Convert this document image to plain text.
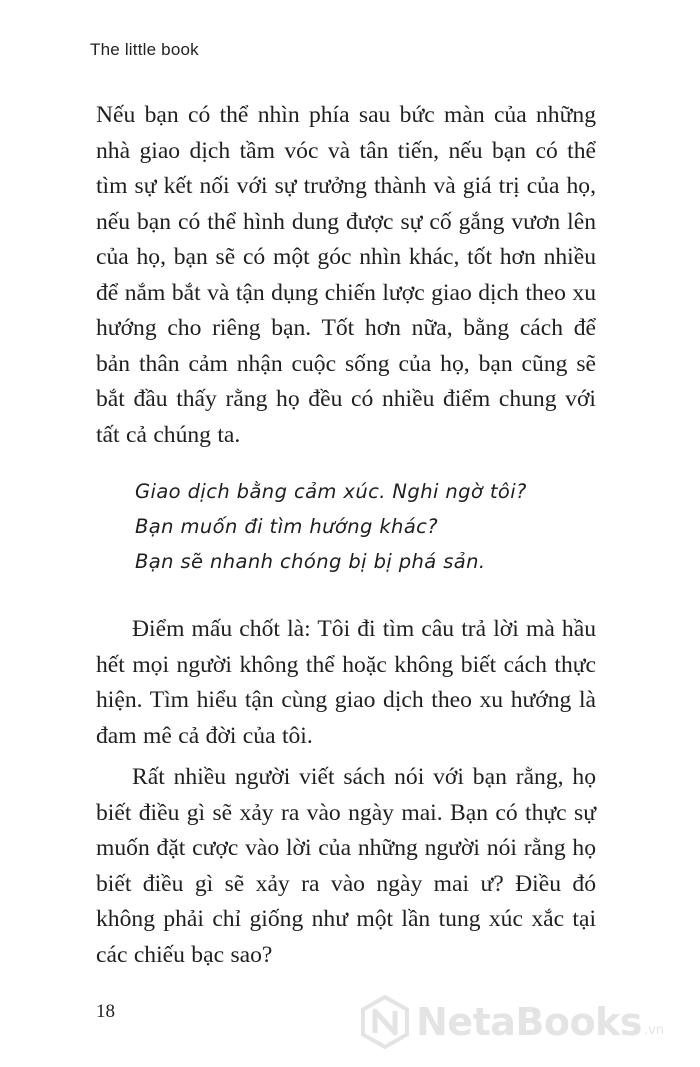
The little book

Nếu bạn có thể nhìn phía sau bức màn của những nhà giao dịch tầm vóc và tân tiến, nếu bạn có thể tìm sự kết nối với sự trưởng thành và giá trị của họ, nếu bạn có thể hình dung được sự cố gắng vươn lên của họ, bạn sẽ có một góc nhìn khác, tốt hơn nhiều để nắm bắt và tận dụng chiến lược giao dịch theo xu hướng cho riêng bạn. Tốt hơn nữa, bằng cách để bản thân cảm nhận cuộc sống của họ, bạn cũng sẽ bắt đầu thấy rằng họ đều có nhiều điểm chung với tất cả chúng ta.

Giao dịch bằng cảm xúc. Nghi ngờ tôi?
Bạn muốn đi tìm hướng khác?
Bạn sẽ nhanh chóng bị bị phá sản.

Điểm mấu chốt là: Tôi đi tìm câu trả lời mà hầu hết mọi người không thể hoặc không biết cách thực hiện. Tìm hiểu tận cùng giao dịch theo xu hướng là đam mê cả đời của tôi.

Rất nhiều người viết sách nói với bạn rằng, họ biết điều gì sẽ xảy ra vào ngày mai. Bạn có thực sự muốn đặt cược vào lời của những người nói rằng họ biết điều gì sẽ xảy ra vào ngày mai ư? Điều đó không phải chỉ giống như một lần tung xúc xắc tại các chiếu bạc sao?

18	NetaBooks .vn
